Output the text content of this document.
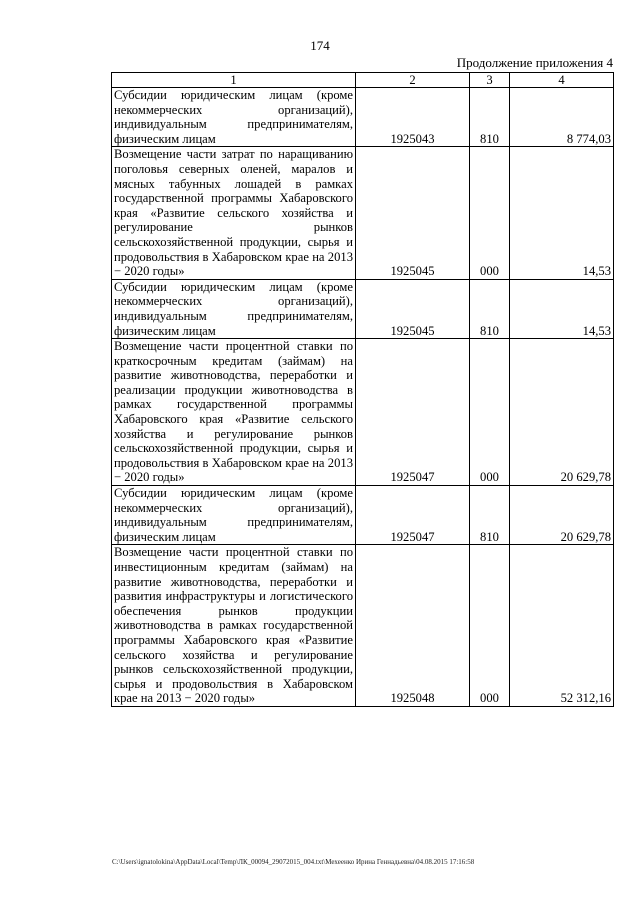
174
Продолжение приложения 4
1	2	3	4
Субсидии юридическим лицам (кроме некоммерческих организаций), индивидуальным предпринимателям, физическим лицам	1925043	810	8 774,03
Возмещение части затрат по наращиванию поголовья северных оленей, маралов и мясных табунных лошадей в рамках государственной программы Хабаровского края «Развитие сельского хозяйства и регулирование рынков сельскохозяйственной продукции, сырья и продовольствия в Хабаровском крае на 2013 − 2020 годы»	1925045	000	14,53
Субсидии юридическим лицам (кроме некоммерческих организаций), индивидуальным предпринимателям, физическим лицам	1925045	810	14,53
Возмещение части процентной ставки по краткосрочным кредитам (займам) на развитие животноводства, переработки и реализации продукции животноводства в рамках государственной программы Хабаровского края «Развитие сельского хозяйства и регулирование рынков сельскохозяйственной продукции, сырья и продовольствия в Хабаровском крае на 2013 − 2020 годы»	1925047	000	20 629,78
Субсидии юридическим лицам (кроме некоммерческих организаций), индивидуальным предпринимателям, физическим лицам	1925047	810	20 629,78
Возмещение части процентной ставки по инвестиционным кредитам (займам) на развитие животноводства, переработки и развития инфраструктуры и логистического обеспечения рынков продукции животноводства в рамках государственной программы Хабаровского края «Развитие сельского хозяйства и регулирование рынков сельскохозяйственной продукции, сырья и продовольствия в Хабаровском крае на 2013 − 2020 годы»	1925048	000	52 312,16
C:\Users\ignatolokina\AppData\Local\Temp\ЛК_00094_29072015_004.txt\Мехеенко Ирина Геннадьевна\04.08.2015 17:16:58
